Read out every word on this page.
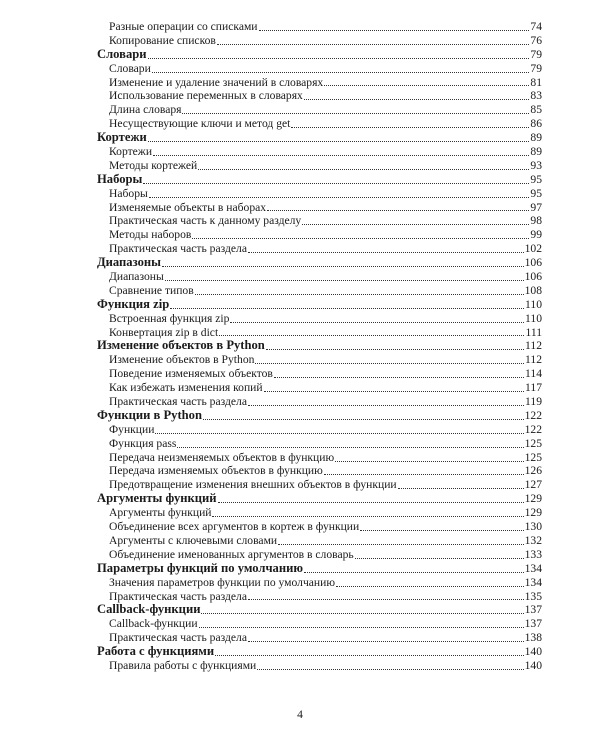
Разные операции со списками	74
Копирование списков	76
Словари	79
Словари	79
Изменение и удаление значений в словарях	81
Использование переменных в словарях	83
Длина словаря	85
Несуществующие ключи и метод get	86
Кортежи	89
Кортежи	89
Методы кортежей	93
Наборы	95
Наборы	95
Изменяемые объекты в наборах	97
Практическая часть к данному разделу	98
Методы наборов	99
Практическая часть раздела	102
Диапазоны	106
Диапазоны	106
Сравнение типов	108
Функция zip	110
Встроенная функция zip	110
Конвертация zip в dict	111
Изменение объектов в Python	112
Изменение объектов в Python	112
Поведение изменяемых объектов	114
Как избежать изменения копий	117
Практическая часть раздела	119
Функции в Python	122
Функции	122
Функция pass	125
Передача неизменяемых объектов в функцию	125
Передача изменяемых объектов в функцию	126
Предотвращение изменения внешних объектов в функции	127
Аргументы функций	129
Аргументы функций	129
Объединение всех аргументов в кортеж в функции	130
Аргументы с ключевыми словами	132
Объединение именованных аргументов в словарь	133
Параметры функций по умолчанию	134
Значения параметров функции по умолчанию	134
Практическая часть раздела	135
Callback-функции	137
Callback-функции	137
Практическая часть раздела	138
Работа с функциями	140
Правила работы с функциями	140
4
